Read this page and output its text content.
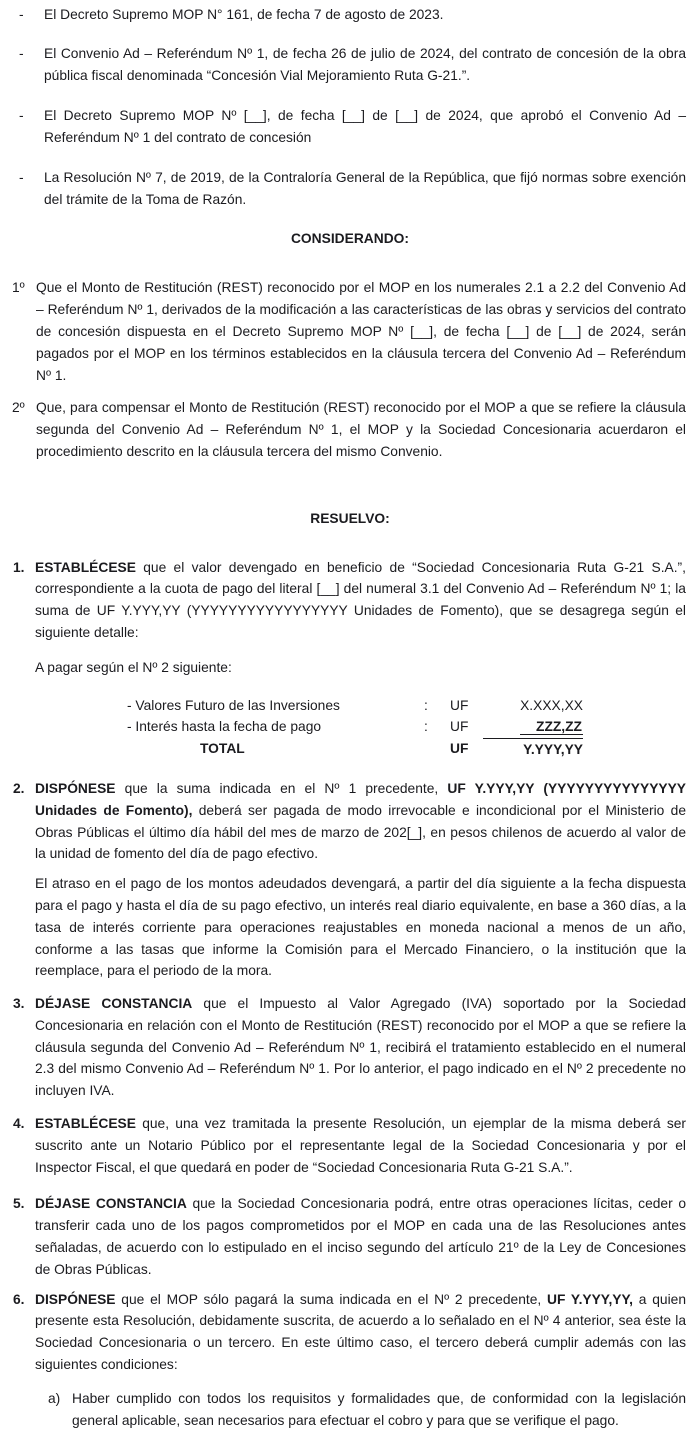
-	El Decreto Supremo MOP N° 161, de fecha 7 de agosto de 2023.
-	El Convenio Ad – Referéndum Nº 1, de fecha 26 de julio de 2024, del contrato de concesión de la obra pública fiscal denominada “Concesión Vial Mejoramiento Ruta G-21.”.
-	El Decreto Supremo MOP Nº [__], de fecha [__] de [__] de 2024, que aprobó el Convenio Ad – Referéndum Nº 1 del contrato de concesión
-	La Resolución Nº 7, de 2019, de la Contraloría General de la República, que fijó normas sobre exención del trámite de la Toma de Razón.
CONSIDERANDO:
1º Que el Monto de Restitución (REST) reconocido por el MOP en los numerales 2.1 a 2.2 del Convenio Ad – Referéndum Nº 1, derivados de la modificación a las características de las obras y servicios del contrato de concesión dispuesta en el Decreto Supremo MOP Nº [__], de fecha [__] de [__] de 2024, serán pagados por el MOP en los términos establecidos en la cláusula tercera del Convenio Ad – Referéndum Nº 1.
2º Que, para compensar el Monto de Restitución (REST) reconocido por el MOP a que se refiere la cláusula segunda del Convenio Ad – Referéndum Nº 1, el MOP y la Sociedad Concesionaria acuerdaron el procedimiento descrito en la cláusula tercera del mismo Convenio.
RESUELVO:
1. ESTABLÉCESE que el valor devengado en beneficio de “Sociedad Concesionaria Ruta G-21 S.A.”, correspondiente a la cuota de pago del literal [__] del numeral 3.1 del Convenio Ad – Referéndum Nº 1; la suma de UF Y.YYY,YY (YYYYYYYYYYYYYYYYY Unidades de Fomento), que se desagrega según el siguiente detalle:
A pagar según el Nº 2 siguiente:
- Valores Futuro de las Inversiones	:	UF	X.XXX,XX
- Interés hasta la fecha de pago	:	UF	ZZZ,ZZ
TOTAL	UF	Y.YYY,YY
2. DISPÓNESE que la suma indicada en el Nº 1 precedente, UF Y.YYY,YY (YYYYYYYYYYYYYYY Unidades de Fomento), deberá ser pagada de modo irrevocable e incondicional por el Ministerio de Obras Públicas el último día hábil del mes de marzo de 202[_], en pesos chilenos de acuerdo al valor de la unidad de fomento del día de pago efectivo.
El atraso en el pago de los montos adeudados devengará, a partir del día siguiente a la fecha dispuesta para el pago y hasta el día de su pago efectivo, un interés real diario equivalente, en base a 360 días, a la tasa de interés corriente para operaciones reajustables en moneda nacional a menos de un año, conforme a las tasas que informe la Comisión para el Mercado Financiero, o la institución que la reemplace, para el periodo de la mora.
3. DÉJASE CONSTANCIA que el Impuesto al Valor Agregado (IVA) soportado por la Sociedad Concesionaria en relación con el Monto de Restitución (REST) reconocido por el MOP a que se refiere la cláusula segunda del Convenio Ad – Referéndum Nº 1, recibirá el tratamiento establecido en el numeral 2.3 del mismo Convenio Ad – Referéndum Nº 1. Por lo anterior, el pago indicado en el Nº 2 precedente no incluyen IVA.
4. ESTABLÉCESE que, una vez tramitada la presente Resolución, un ejemplar de la misma deberá ser suscrito ante un Notario Público por el representante legal de la Sociedad Concesionaria y por el Inspector Fiscal, el que quedará en poder de “Sociedad Concesionaria Ruta G-21 S.A.”.
5. DÉJASE CONSTANCIA que la Sociedad Concesionaria podrá, entre otras operaciones lícitas, ceder o transferir cada uno de los pagos comprometidos por el MOP en cada una de las Resoluciones antes señaladas, de acuerdo con lo estipulado en el inciso segundo del artículo 21º de la Ley de Concesiones de Obras Públicas.
6. DISPÓNESE que el MOP sólo pagará la suma indicada en el Nº 2 precedente, UF Y.YYY,YY, a quien presente esta Resolución, debidamente suscrita, de acuerdo a lo señalado en el Nº 4 anterior, sea éste la Sociedad Concesionaria o un tercero. En este último caso, el tercero deberá cumplir además con las siguientes condiciones:
a) Haber cumplido con todos los requisitos y formalidades que, de conformidad con la legislación general aplicable, sean necesarios para efectuar el cobro y para que se verifique el pago.
